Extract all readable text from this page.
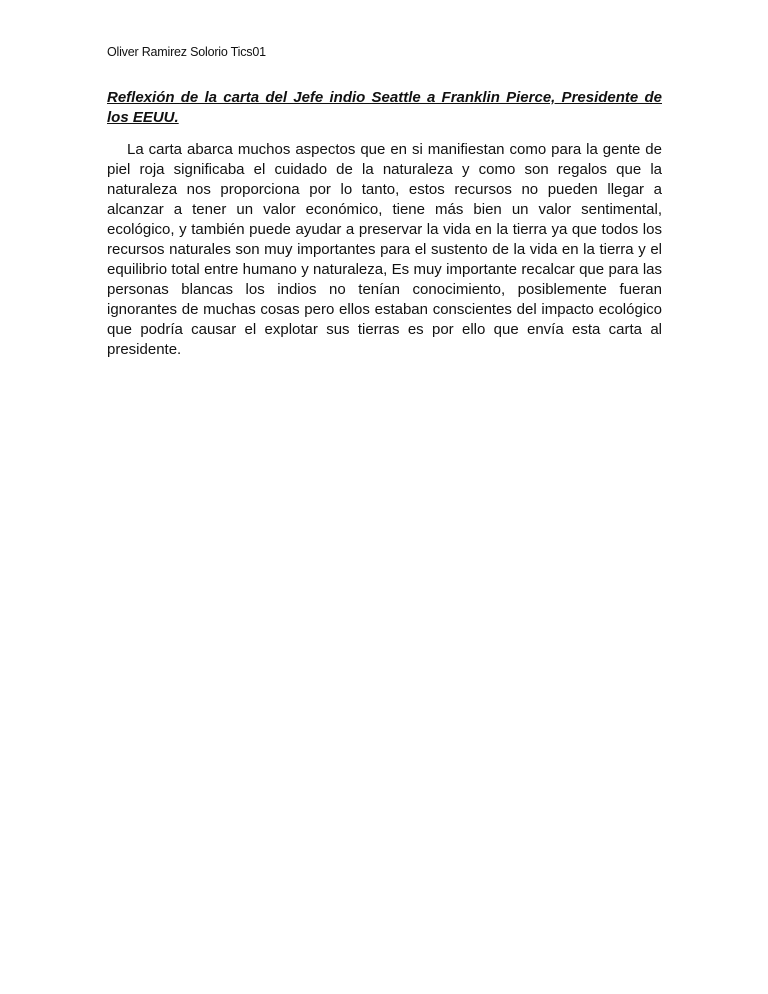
Oliver Ramirez Solorio Tics01

Reflexión de la carta del Jefe indio Seattle a Franklin Pierce, Presidente de los EEUU.

La carta abarca muchos aspectos que en si manifiestan como para la gente de piel roja significaba el cuidado de la naturaleza y como son regalos que la naturaleza nos proporciona por lo tanto, estos recursos no pueden llegar a alcanzar a tener un valor económico, tiene más bien un valor sentimental, ecológico, y también puede ayudar a preservar la vida en la tierra ya que todos los recursos naturales son muy importantes para el sustento de la vida en la tierra y el equilibrio total entre humano y naturaleza, Es muy importante recalcar que para las personas blancas los indios no tenían conocimiento, posiblemente fueran ignorantes de muchas cosas pero ellos estaban conscientes del impacto ecológico que podría causar el explotar sus tierras es por ello que envía esta carta al presidente.
